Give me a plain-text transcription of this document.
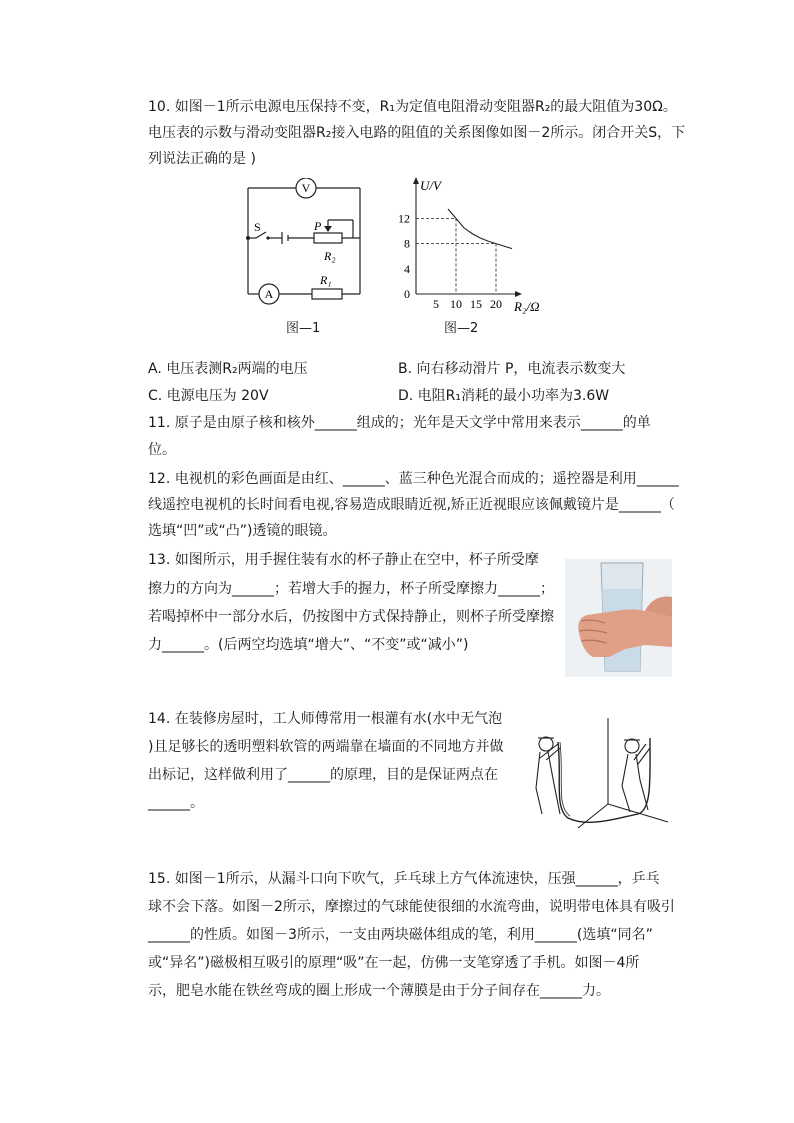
10. 如图－1所示电源电压保持不变，R₁为定值电阻滑动变阻器R₂的最大阻值为30Ω。

电压表的示数与滑动变阻器R₂接入电路的阻值的关系图像如图－2所示。闭合开关S，下

列说法正确的是 )

V
A
S	P
R₂
R₁
图—1
U/V
R₂/Ω
5 10 15 20
12
8
4
0
图—2
A. 电压表测R₂两端的电压	B. 向右移动滑片 P，电流表示数变大
C. 电源电压为 20V	D. 电阻R₁消耗的最小功率为3.6W

11. 原子是由原子核和核外______组成的；光年是天文学中常用来表示______的单

位。

12. 电视机的彩色画面是由红、______、蓝三种色光混合而成的；遥控器是利用______

线遥控电视机的长时间看电视,容易造成眼睛近视,矫正近视眼应该佩戴镜片是______（

选填“凹”或“凸”)透镜的眼镜。

13. 如图所示，用手握住装有水的杯子静止在空中，杯子所受摩

擦力的方向为______；若增大手的握力，杯子所受摩擦力______；

若喝掉杯中一部分水后，仍按图中方式保持静止，则杯子所受摩擦

力______。(后两空均选填“增大”、“不变”或“减小”)

14. 在装修房屋时，工人师傅常用一根灌有水(水中无气泡

)且足够长的透明塑料软管的两端靠在墙面的不同地方并做

出标记，这样做利用了______的原理，目的是保证两点在

______。

15. 如图－1所示，从漏斗口向下吹气，乒乓球上方气体流速快，压强______，乒乓

球不会下落。如图－2所示，摩擦过的气球能使很细的水流弯曲，说明带电体具有吸引

______的性质。如图－3所示，一支由两块磁体组成的笔，利用______(选填“同名”

或“异名”)磁极相互吸引的原理“吸”在一起，仿佛一支笔穿透了手机。如图－4所

示，肥皂水能在铁丝弯成的圈上形成一个薄膜是由于分子间存在______力。
